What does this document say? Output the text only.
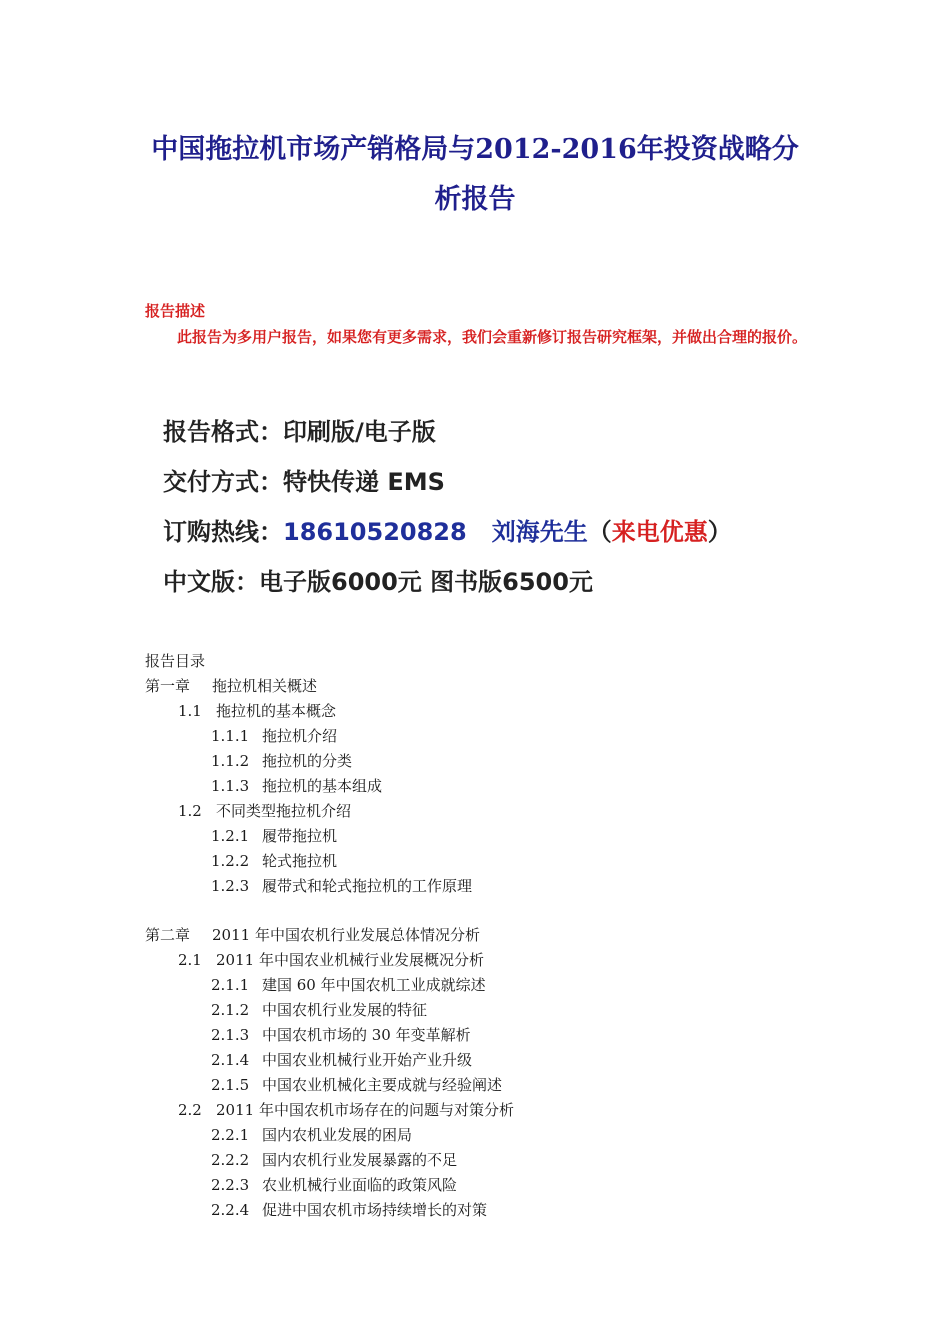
中国拖拉机市场产销格局与2012-2016年投资战略分
析报告
报告描述
此报告为多用户报告，如果您有更多需求，我们会重新修订报告研究框架，并做出合理的报价。
报告格式：印刷版/电子版
交付方式：特快传递 EMS
订购热线：18610520828 刘海先生（来电优惠）
中文版：电子版6000元 图书版6500元
报告目录
第一章 拖拉机相关概述
1.1 拖拉机的基本概念
1.1.1 拖拉机介绍
1.1.2 拖拉机的分类
1.1.3 拖拉机的基本组成
1.2 不同类型拖拉机介绍
1.2.1 履带拖拉机
1.2.2 轮式拖拉机
1.2.3 履带式和轮式拖拉机的工作原理
第二章 2011 年中国农机行业发展总体情况分析
2.1 2011 年中国农业机械行业发展概况分析
2.1.1 建国 60 年中国农机工业成就综述
2.1.2 中国农机行业发展的特征
2.1.3 中国农机市场的 30 年变革解析
2.1.4 中国农业机械行业开始产业升级
2.1.5 中国农业机械化主要成就与经验阐述
2.2 2011 年中国农机市场存在的问题与对策分析
2.2.1 国内农机业发展的困局
2.2.2 国内农机行业发展暴露的不足
2.2.3 农业机械行业面临的政策风险
2.2.4 促进中国农机市场持续增长的对策
